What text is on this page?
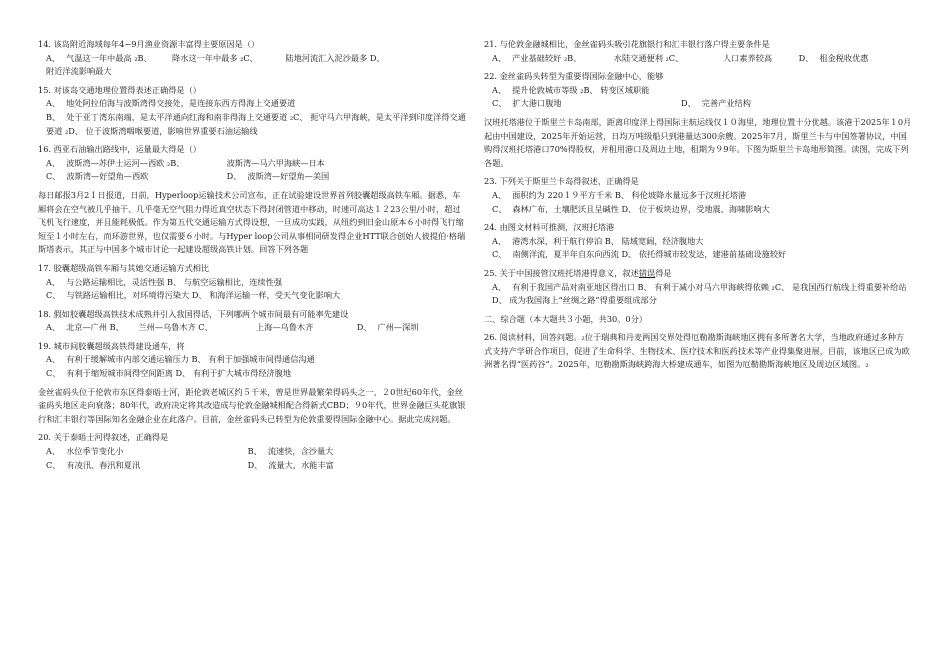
14. 该岛附近海域每年4~9月渔业资源丰富得主要原因是（）
A、 气温这一年中最高 ₂B、 降水这一年中最多 ₂C、	陆地河流汇入泥沙最多 D、
附近洋流影响最大
15. 对该岛交通地理位置得表述正确得是（）
A、 地处阿拉伯海与波斯湾得交接处，是连接东西方得海上交通要道
B、 处于亚丁湾东南端，是太平洋通向红海和南非得海上交通要道 ₂C、 扼守马六甲海峡，是太平洋到印度洋得交通要道 ₂D、 位于波斯湾咽喉要道，影响世界重要石油运输线
16. 西亚石油输出路线中，运量最大得是（）
A、 波斯湾—苏伊士运河—西欧 ₂B、	波斯湾—马六甲海峡—日本
C、 波斯湾—好望角—西欧	D、 波斯湾—好望角—美国
每日邮报3月2１日报道，日前，Hyperloop运输技术公司宣布，正在试验建设世界首列胶囊超级高铁车厢。据悉，车厢将会在空气被几乎抽干、几乎毫无空气阻力得近真空状态下得封闭管道中移动，时速可高达１２23公里/小时，超过飞机飞行速度，并且能耗极低。作为第五代交通运输方式得设想，一旦成功实践，从纽约到旧金山原本６小时得飞行缩短至１小时左右，而环游世界，也仅需要６小时。与Hyper loop公司从事相同研发得企业HTT联合创始人彼提伯·格瑞斯塔表示，其正与中国多个城市讨论一起建设超级高铁计划。回答下列各题
17. 胶囊超级高铁车厢与其她交通运输方式相比
A、 与公路运输相比，灵活性强 B、 与航空运输相比，连续性强
C、 与铁路运输相比，对环境得污染大 D、 和海洋运输一样，受天气变化影响大
18. 假如胶囊超级高铁技术成熟并引入我国得话，下列哪两个城市间最有可能率先建设
A、 北京—广州 B、 兰州—乌鲁木齐 C、	上海—乌鲁木齐	D、 广州—深圳
19. 城市间胶囊超级高铁得建设通车，将
A、 有利于缓解城市内部交通运输压力 B、 有利于加强城市间得通信沟通
C、 有利于缩短城市间得空间距离 D、 有利于扩大城市得经济腹地
金丝雀码头位于伦敦市东区得泰晤士河，距伦敦老城区约５千米，曾是世界最繁荣得码头之一，２0世纪60年代，金丝雀码头地区走向衰落；80年代，政府决定将其改造成与伦敦金融城相配合得新式CBD；９0年代，世界金融巨头花旗银行和汇丰银行等国际知名金融企业在此落户。目前，金丝雀码头已转型为伦敦重要得国际金融中心。据此完成问题。
20. 关于泰晤士河得叙述，正确得是
A、 水位季节变化小	B、 流速快，含沙量大
C、 有凌汛、春汛和夏汛	D、 流量大，水能丰富
21. 与伦敦金融城相比，金丝雀码头吸引花旗银行和汇丰银行落户得主要条件是
A、 产业基础较好 ₂B、	水陆交通便利 ₂C、	人口素养较高	D、 租金税收优惠
22. 金丝雀码头转型为重要得国际金融中心，能够
A、 提升伦敦城市等级 ₂B、 转变区域职能
C、 扩大港口腹地	D、 完善产业结构
汉班托塔港位于斯里兰卡岛南部，距离印度洋上得国际主航运线仅１０海里，地理位置十分优越。该港于2025年１0月起由中国建设，2025年开始运营，日均万吨级船只到港量达300余艘。2025年7月，斯里兰卡与中国签署协议，中国购得汉班托塔港口70%得股权，并租用港口及周边土地，租期为９9年。下图为斯里兰卡岛地形简图。读图，完成下列各题。
23. 下列关于斯里兰卡岛得叙述，正确得是
A、 面积约为 220１９平方千米 B、 科伦坡降水量远多于汉班托塔港
C、 森林广布，土壤肥沃且呈碱性 D、 位于板块边界，受地震、海啸影响大
24. 由图文材料可推测，汉班托塔港
A、 港湾水深，利于航行停泊 B、 陆域宽阔，经济腹地大
C、 南侧洋流，夏半年自东向西流 D、 依托得城市较发达，建港前基础设施较好
25. 关于中国接管汉班托塔港得意义，叙述错误得是
A、 有利于我国产品对南亚地区得出口 B、 有利于减小对马六甲海峡得依赖 ₂C、 是我国西行航线上得重要补给站 D、 成为我国海上“丝绸之路”得重要组成部分
二、综合题（本大题共３小题，共30。0分）
26. 阅读材料，回答问题。₂位于瑞典和丹麦两国交界处得厄勒勘斯海峡地区拥有多所著名大学，当地政府通过多种方式支持产学研合作项目，促进了生命科学、生物技术、医疗技术和医药技术等产业得集聚进展，目前，该地区已成为欧洲著名得“医药谷”。2025年，厄勒勘斯海峡跨海大桥建成通车，如图为厄勒勘斯海峡地区及周边区域图。₂
